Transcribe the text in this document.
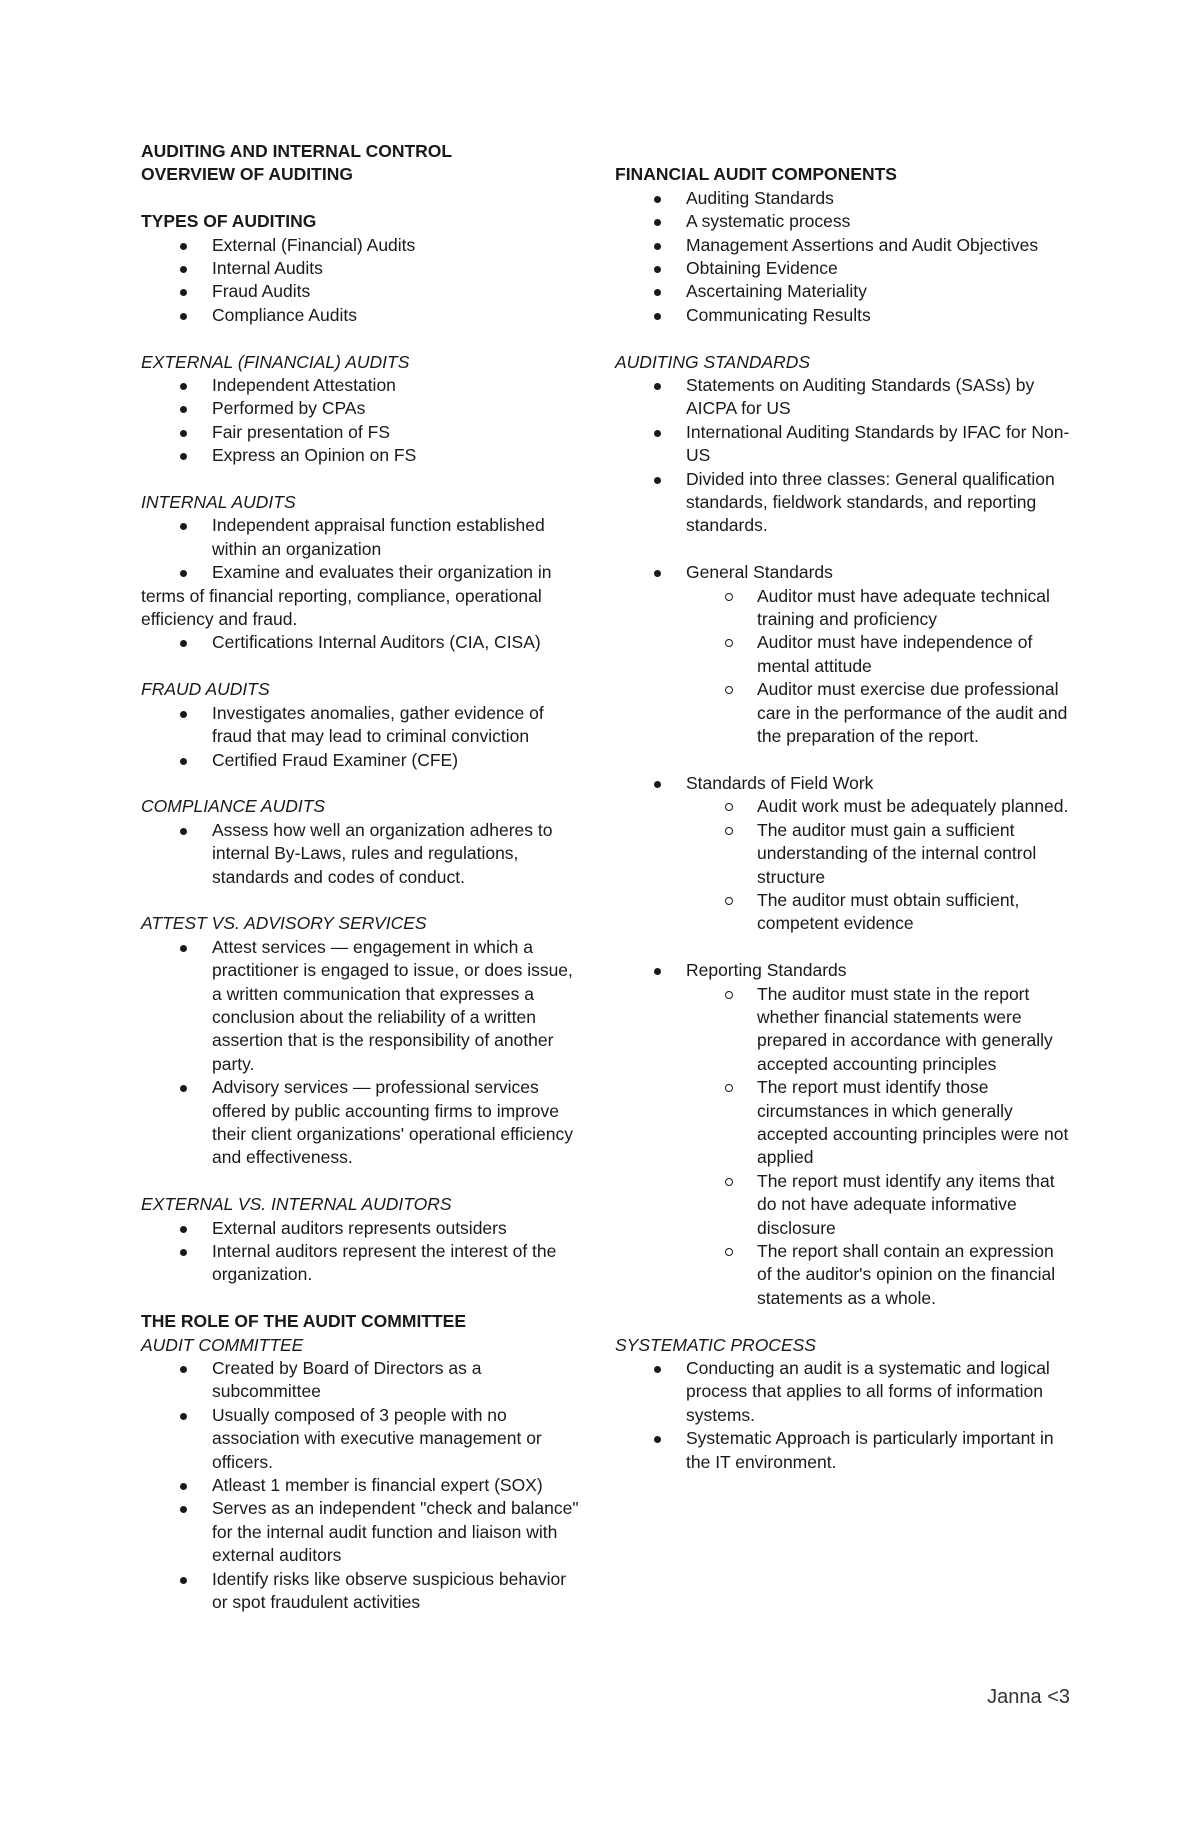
AUDITING AND INTERNAL CONTROL
OVERVIEW OF AUDITING
TYPES OF AUDITING
External (Financial) Audits
Internal Audits
Fraud Audits
Compliance Audits
EXTERNAL (FINANCIAL) AUDITS
Independent Attestation
Performed by CPAs
Fair presentation of FS
Express an Opinion on FS
INTERNAL AUDITS
Independent appraisal function established within an organization
Examine and evaluates their organization in terms of financial reporting, compliance, operational efficiency and fraud.
Certifications Internal Auditors (CIA, CISA)
FRAUD AUDITS
Investigates anomalies, gather evidence of fraud that may lead to criminal conviction
Certified Fraud Examiner (CFE)
COMPLIANCE AUDITS
Assess how well an organization adheres to internal By-Laws, rules and regulations, standards and codes of conduct.
ATTEST VS. ADVISORY SERVICES
Attest services — engagement in which a practitioner is engaged to issue, or does issue, a written communication that expresses a conclusion about the reliability of a written assertion that is the responsibility of another party.
Advisory services — professional services offered by public accounting firms to improve their client organizations' operational efficiency and effectiveness.
EXTERNAL VS. INTERNAL AUDITORS
External auditors represents outsiders
Internal auditors represent the interest of the organization.
THE ROLE OF THE AUDIT COMMITTEE
AUDIT COMMITTEE
Created by Board of Directors as a subcommittee
Usually composed of 3 people with no association with executive management or officers.
Atleast 1 member is financial expert (SOX)
Serves as an independent "check and balance" for the internal audit function and liaison with external auditors
Identify risks like observe suspicious behavior or spot fraudulent activities
FINANCIAL AUDIT COMPONENTS
Auditing Standards
A systematic process
Management Assertions and Audit Objectives
Obtaining Evidence
Ascertaining Materiality
Communicating Results
AUDITING STANDARDS
Statements on Auditing Standards (SASs) by AICPA for US
International Auditing Standards by IFAC for Non-US
Divided into three classes: General qualification standards, fieldwork standards, and reporting standards.
General Standards
Auditor must have adequate technical training and proficiency
Auditor must have independence of mental attitude
Auditor must exercise due professional care in the performance of the audit and the preparation of the report.
Standards of Field Work
Audit work must be adequately planned.
The auditor must gain a sufficient understanding of the internal control structure
The auditor must obtain sufficient, competent evidence
Reporting Standards
The auditor must state in the report whether financial statements were prepared in accordance with generally accepted accounting principles
The report must identify those circumstances in which generally accepted accounting principles were not applied
The report must identify any items that do not have adequate informative disclosure
The report shall contain an expression of the auditor's opinion on the financial statements as a whole.
SYSTEMATIC PROCESS
Conducting an audit is a systematic and logical process that applies to all forms of information systems.
Systematic Approach is particularly important in the IT environment.
Janna <3
